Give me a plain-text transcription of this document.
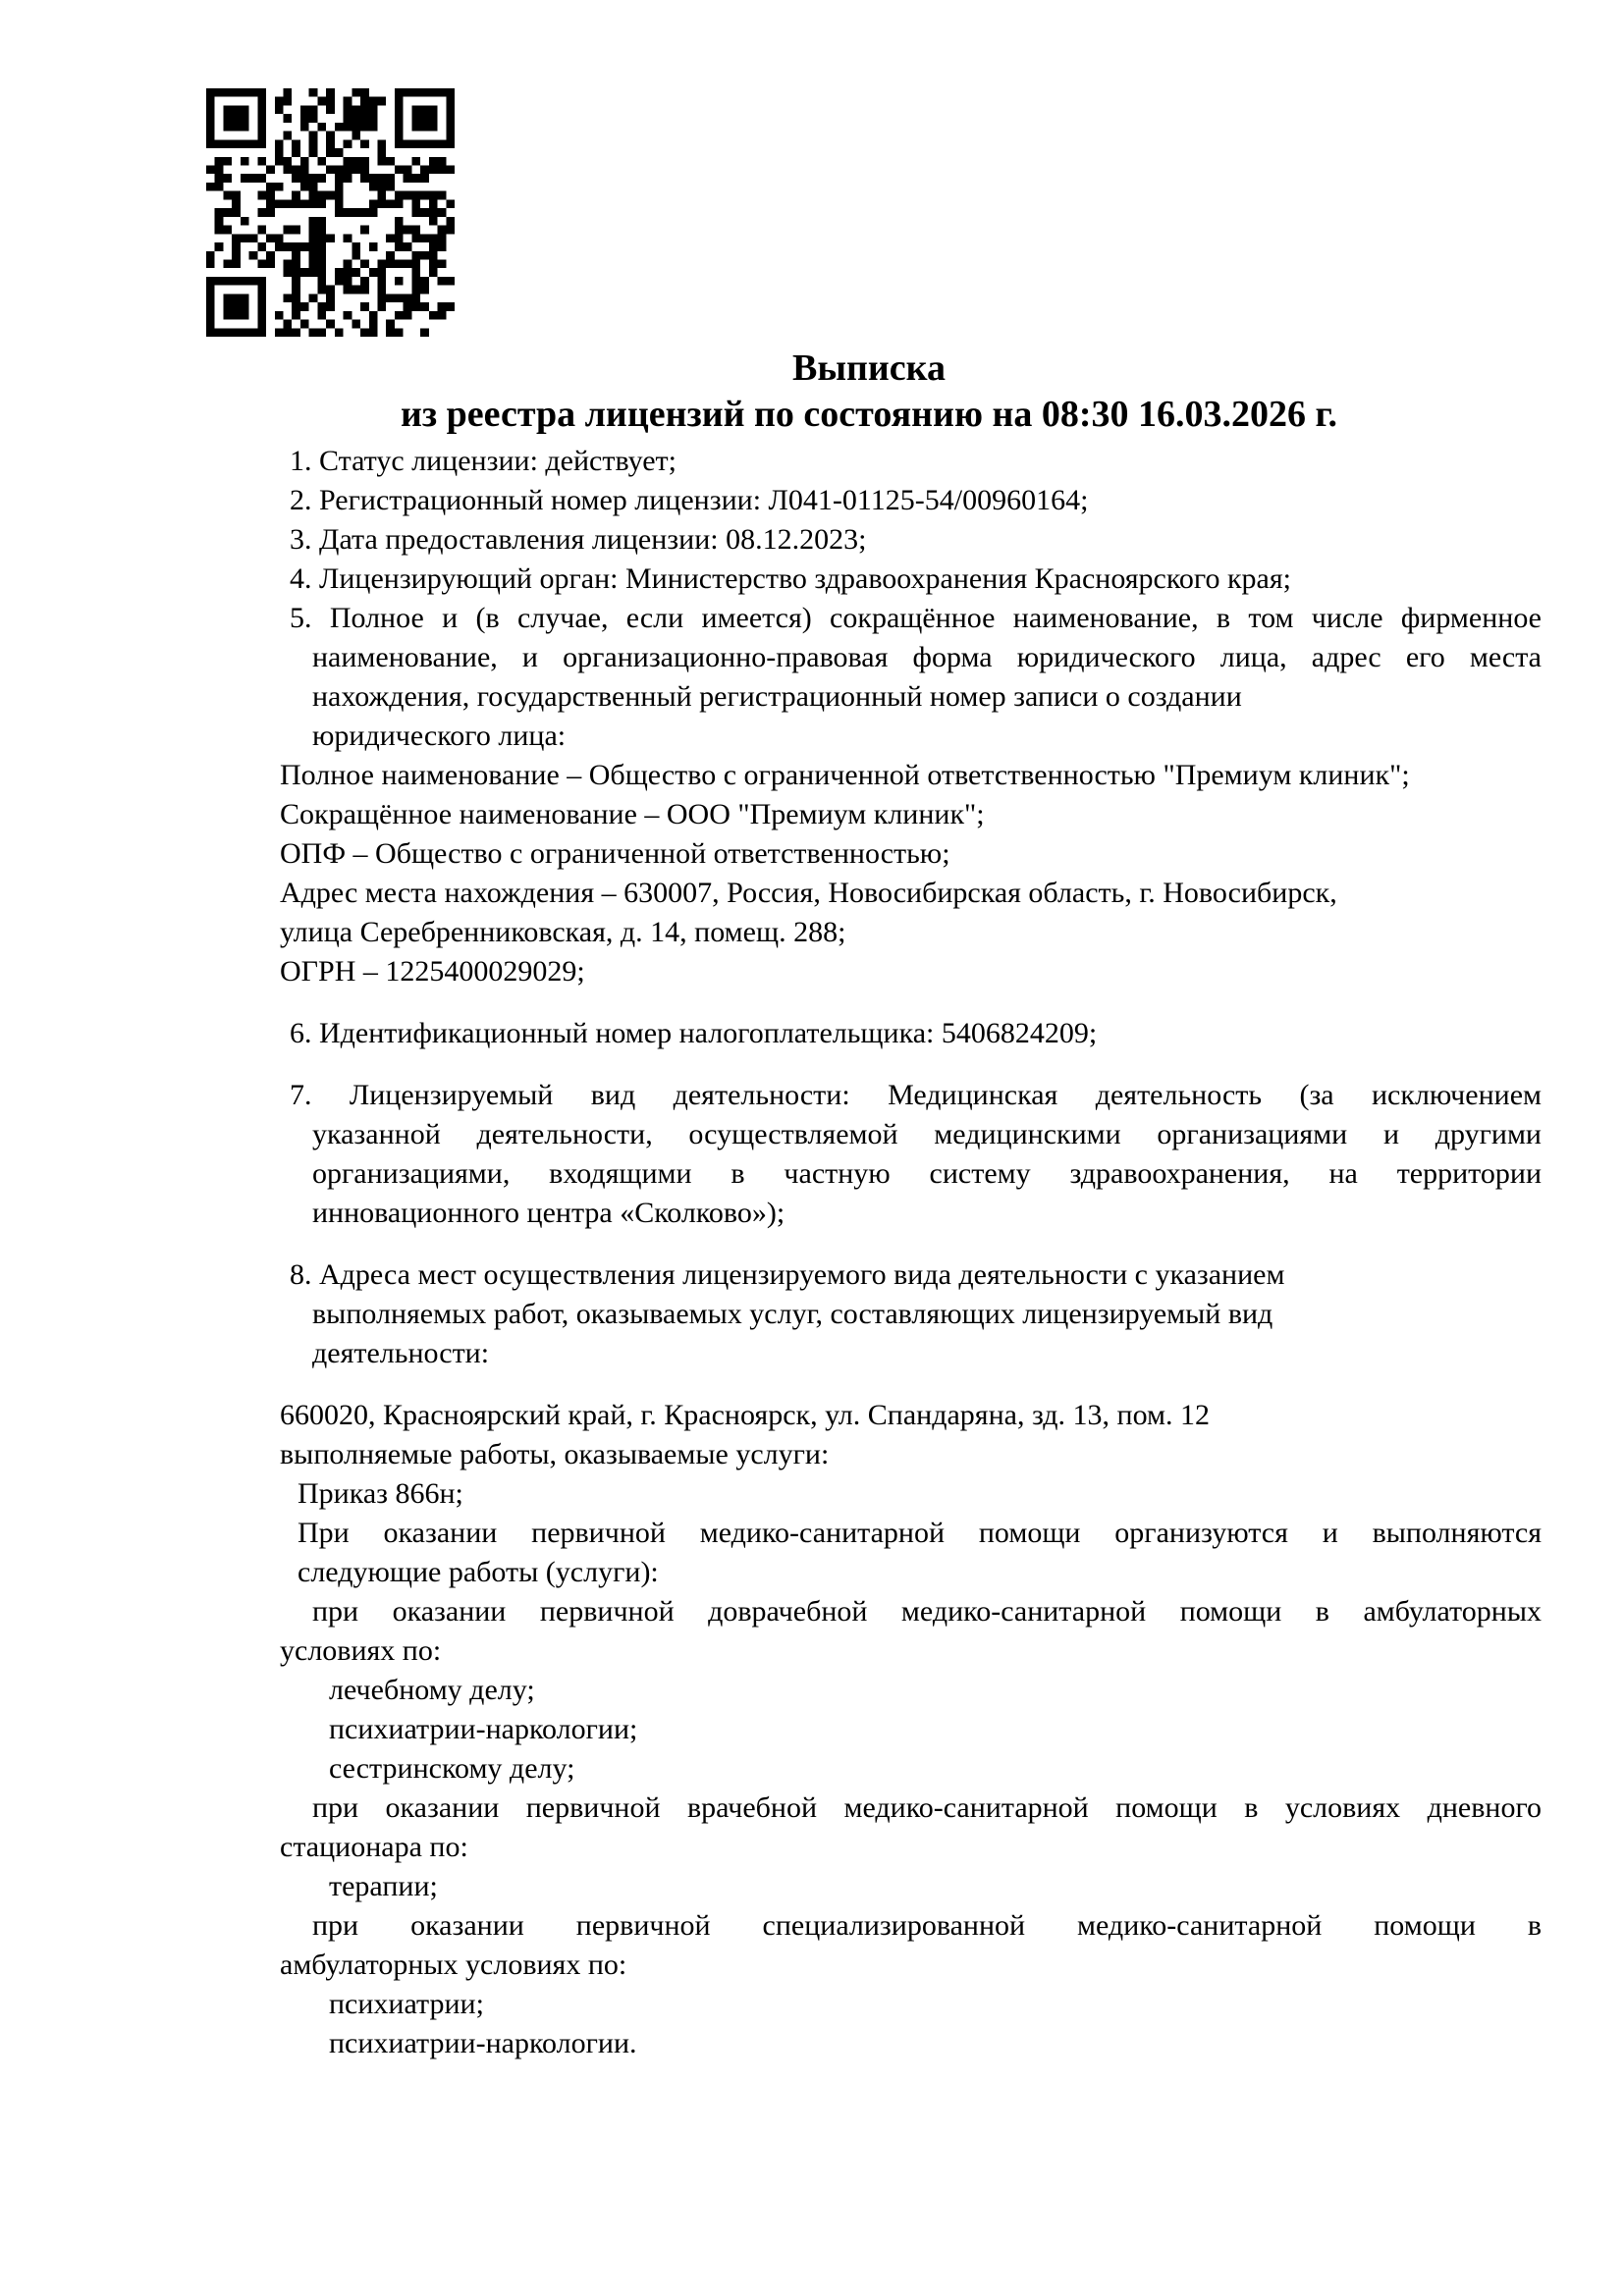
Выписка
из реестра лицензий по состоянию на 08:30 16.03.2026 г.
1. Статус лицензии: действует;
2. Регистрационный номер лицензии: Л041-01125-54/00960164;
3. Дата предоставления лицензии: 08.12.2023;
4. Лицензирующий орган: Министерство здравоохранения Красноярского края;
5. Полное и (в случае, если имеется) сокращённое наименование, в том числе фирменное
наименование, и организационно-правовая форма юридического лица, адрес его места
нахождения, государственный регистрационный номер записи о создании
юридического лица:
Полное наименование – Общество с ограниченной ответственностью "Премиум клиник";
Сокращённое наименование – ООО "Премиум клиник";
ОПФ – Общество с ограниченной ответственностью;
Адрес места нахождения – 630007, Россия, Новосибирская область, г. Новосибирск,
улица Серебренниковская, д. 14, помещ. 288;
ОГРН – 1225400029029;
6. Идентификационный номер налогоплательщика: 5406824209;
7. Лицензируемый вид деятельности: Медицинская деятельность (за исключением
указанной деятельности, осуществляемой медицинскими организациями и другими
организациями, входящими в частную систему здравоохранения, на территории
инновационного центра «Сколково»);
8. Адреса мест осуществления лицензируемого вида деятельности с указанием
выполняемых работ, оказываемых услуг, составляющих лицензируемый вид
деятельности:
660020, Красноярский край, г. Красноярск, ул. Спандаряна, зд. 13, пом. 12
выполняемые работы, оказываемые услуги:
Приказ 866н;
При оказании первичной медико-санитарной помощи организуются и выполняются
следующие работы (услуги):
при оказании первичной доврачебной медико-санитарной помощи в амбулаторных
условиях по:
лечебному делу;
психиатрии-наркологии;
сестринскому делу;
при оказании первичной врачебной медико-санитарной помощи в условиях дневного
стационара по:
терапии;
при оказании первичной специализированной медико-санитарной помощи в
амбулаторных условиях по:
психиатрии;
психиатрии-наркологии.
